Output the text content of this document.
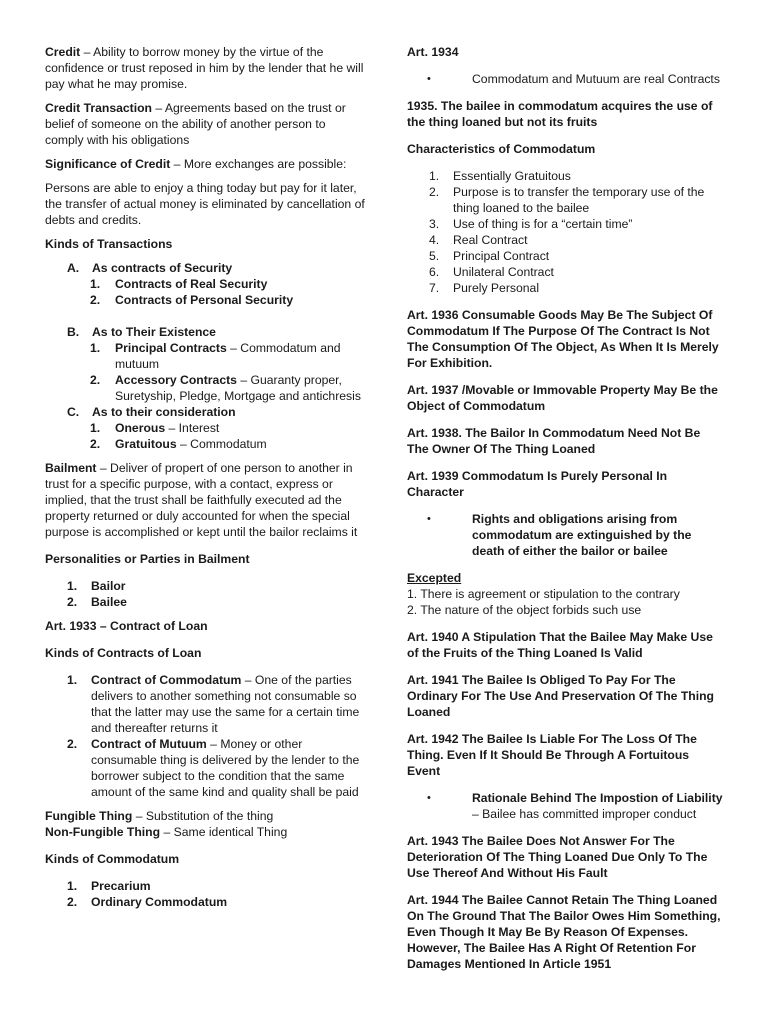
Credit – Ability to borrow money by the virtue of the confidence or trust reposed in him by the lender that he will pay what he may promise.

Credit Transaction – Agreements based on the trust or belief of someone on the ability of another person to comply with his obligations

Significance of Credit – More exchanges are possible:

Persons are able to enjoy a thing today but pay for it later, the transfer of actual money is eliminated by cancellation of debts and credits.

Kinds of Transactions

A.	As contracts of Security
1.	Contracts of Real Security
2.	Contracts of Personal Security
B.	As to Their Existence
1.	Principal Contracts – Commodatum and mutuum
2.	Accessory Contracts – Guaranty proper, Suretyship, Pledge, Mortgage and antichresis
C.	As to their consideration
1.	Onerous – Interest
2.	Gratuitous – Commodatum

Bailment – Deliver of propert of one person to another in trust for a specific purpose, with a contact, express or implied, that the trust shall be faithfully executed ad the property returned or duly accounted for when the special purpose is accomplished or kept until the bailor reclaims it

Personalities or Parties in Bailment

1.	Bailor
2.	Bailee

Art. 1933 – Contract of Loan

Kinds of Contracts of Loan

1.	Contract of Commodatum – One of the parties delivers to another something not consumable so that the latter may use the same for a certain time and thereafter returns it
2.	Contract of Mutuum – Money or other consumable thing is delivered by the lender to the borrower subject to the condition that the same amount of the same kind and quality shall be paid

Fungible Thing – Substitution of the thing

Non-Fungible Thing – Same identical Thing

Kinds of Commodatum

1.	Precarium
2.	Ordinary Commodatum

Art. 1934

•	Commodatum and Mutuum are real Contracts

1935. The bailee in commodatum acquires the use of the thing loaned but not its fruits

Characteristics of Commodatum

1.	Essentially Gratuitous
2.	Purpose is to transfer the temporary use of the thing loaned to the bailee
3.	Use of thing is for a “certain time”
4.	Real Contract
5.	Principal Contract
6.	Unilateral Contract
7.	Purely Personal

Art. 1936 Consumable Goods May Be The Subject Of Commodatum If The Purpose Of The Contract Is Not The Consumption Of The Object, As When It Is Merely For Exhibition.

Art. 1937 /Movable or Immovable Property May Be the Object of Commodatum

Art. 1938. The Bailor In Commodatum Need Not Be The Owner Of The Thing Loaned

Art. 1939 Commodatum Is Purely Personal In Character

•	Rights and obligations arising from commodatum are extinguished by the death of either the bailor or bailee

Excepted

1. There is agreement or stipulation to the contrary

2. The nature of the object forbids such use

Art. 1940 A Stipulation That the Bailee May Make Use of the Fruits of the Thing Loaned Is Valid

Art. 1941 The Bailee Is Obliged To Pay For The Ordinary For The Use And Preservation Of The Thing Loaned

Art. 1942 The Bailee Is Liable For The Loss Of The Thing. Even If It Should Be Through A Fortuitous Event

•	Rationale Behind The Impostion of Liability – Bailee has committed improper conduct

Art. 1943 The Bailee Does Not Answer For The Deterioration Of The Thing Loaned Due Only To The Use Thereof And Without His Fault

Art. 1944 The Bailee Cannot Retain The Thing Loaned On The Ground That The Bailor Owes Him Something, Even Though It May Be By Reason Of Expenses. However, The Bailee Has A Right Of Retention For Damages Mentioned In Article 1951
